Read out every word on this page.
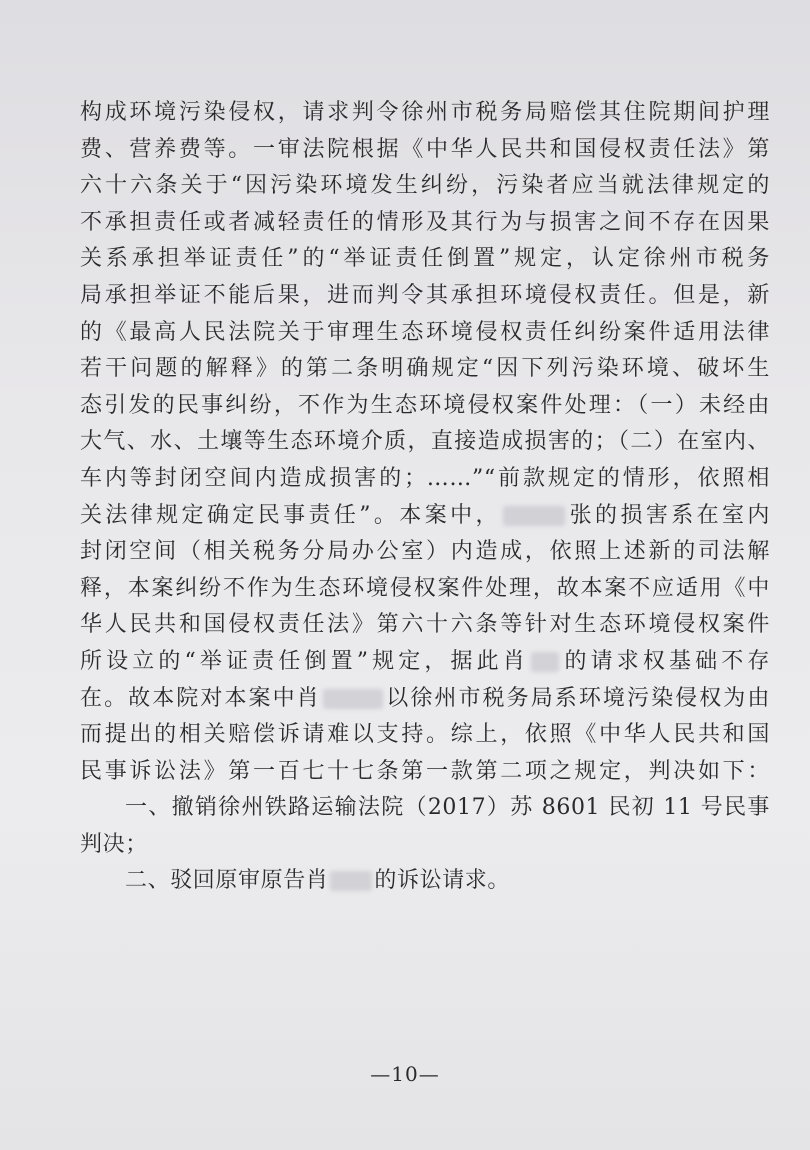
构成环境污染侵权，请求判令徐州市税务局赔偿其住院期间护理
费、营养费等。一审法院根据《中华人民共和国侵权责任法》第
六十六条关于“因污染环境发生纠纷，污染者应当就法律规定的
不承担责任或者减轻责任的情形及其行为与损害之间不存在因果
关系承担举证责任”的“举证责任倒置”规定，认定徐州市税务
局承担举证不能后果，进而判令其承担环境侵权责任。但是，新
的《最高人民法院关于审理生态环境侵权责任纠纷案件适用法律
若干问题的解释》的第二条明确规定“因下列污染环境、破坏生
态引发的民事纠纷，不作为生态环境侵权案件处理：（一）未经由
大气、水、土壤等生态环境介质，直接造成损害的；（二）在室内、
车内等封闭空间内造成损害的；……”“前款规定的情形，依照相
关法律规定确定民事责任”。本案中，	张的损害系在室内
封闭空间（相关税务分局办公室）内造成，依照上述新的司法解
释，本案纠纷不作为生态环境侵权案件处理，故本案不应适用《中
华人民共和国侵权责任法》第六十六条等针对生态环境侵权案件
所设立的“举证责任倒置”规定，据此肖 的请求权基础不存
在。故本院对本案中肖	以徐州市税务局系环境污染侵权为由
而提出的相关赔偿诉请难以支持。综上，依照《中华人民共和国
民事诉讼法》第一百七十七条第一款第二项之规定，判决如下：
一、撤销徐州铁路运输法院（2017）苏 8601 民初 11 号民事
判决；
二、驳回原审原告肖 的诉讼请求。
—10—
